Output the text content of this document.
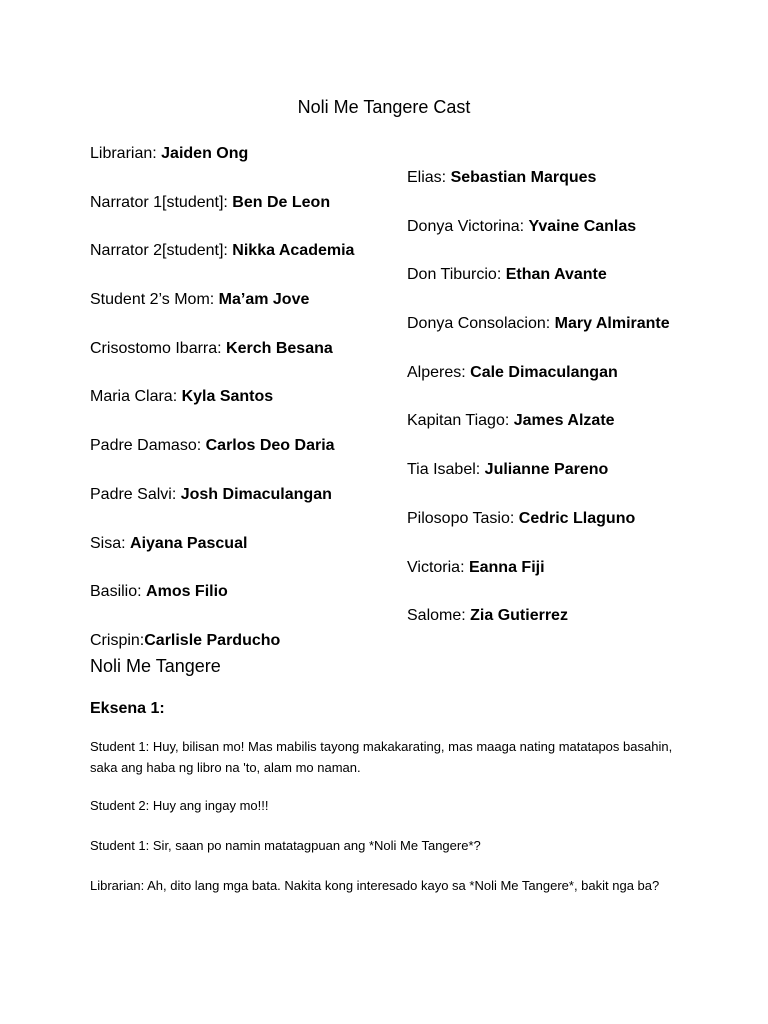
Noli Me Tangere Cast
Librarian: Jaiden Ong
Narrator 1[student]: Ben De Leon
Narrator 2[student]: Nikka Academia
Student 2’s Mom: Ma’am Jove
Crisostomo Ibarra: Kerch Besana
Maria Clara: Kyla Santos
Padre Damaso: Carlos Deo Daria
Padre Salvi: Josh Dimaculangan
Sisa: Aiyana Pascual
Basilio: Amos Filio
Crispin:Carlisle Parducho
Elias: Sebastian Marques
Donya Victorina: Yvaine Canlas
Don Tiburcio: Ethan Avante
Donya Consolacion: Mary Almirante
Alperes: Cale Dimaculangan
Kapitan Tiago: James Alzate
Tia Isabel: Julianne Pareno
Pilosopo Tasio: Cedric Llaguno
Victoria: Eanna Fiji
Salome: Zia Gutierrez
Noli Me Tangere
Eksena 1:

Student 1: Huy, bilisan mo! Mas mabilis tayong makakarating, mas maaga nating matatapos basahin, saka ang haba ng libro na 'to, alam mo naman.

Student 2: Huy ang ingay mo!!!

Student 1: Sir, saan po namin matatagpuan ang *Noli Me Tangere*?

Librarian: Ah, dito lang mga bata. Nakita kong interesado kayo sa *Noli Me Tangere*, bakit nga ba?
